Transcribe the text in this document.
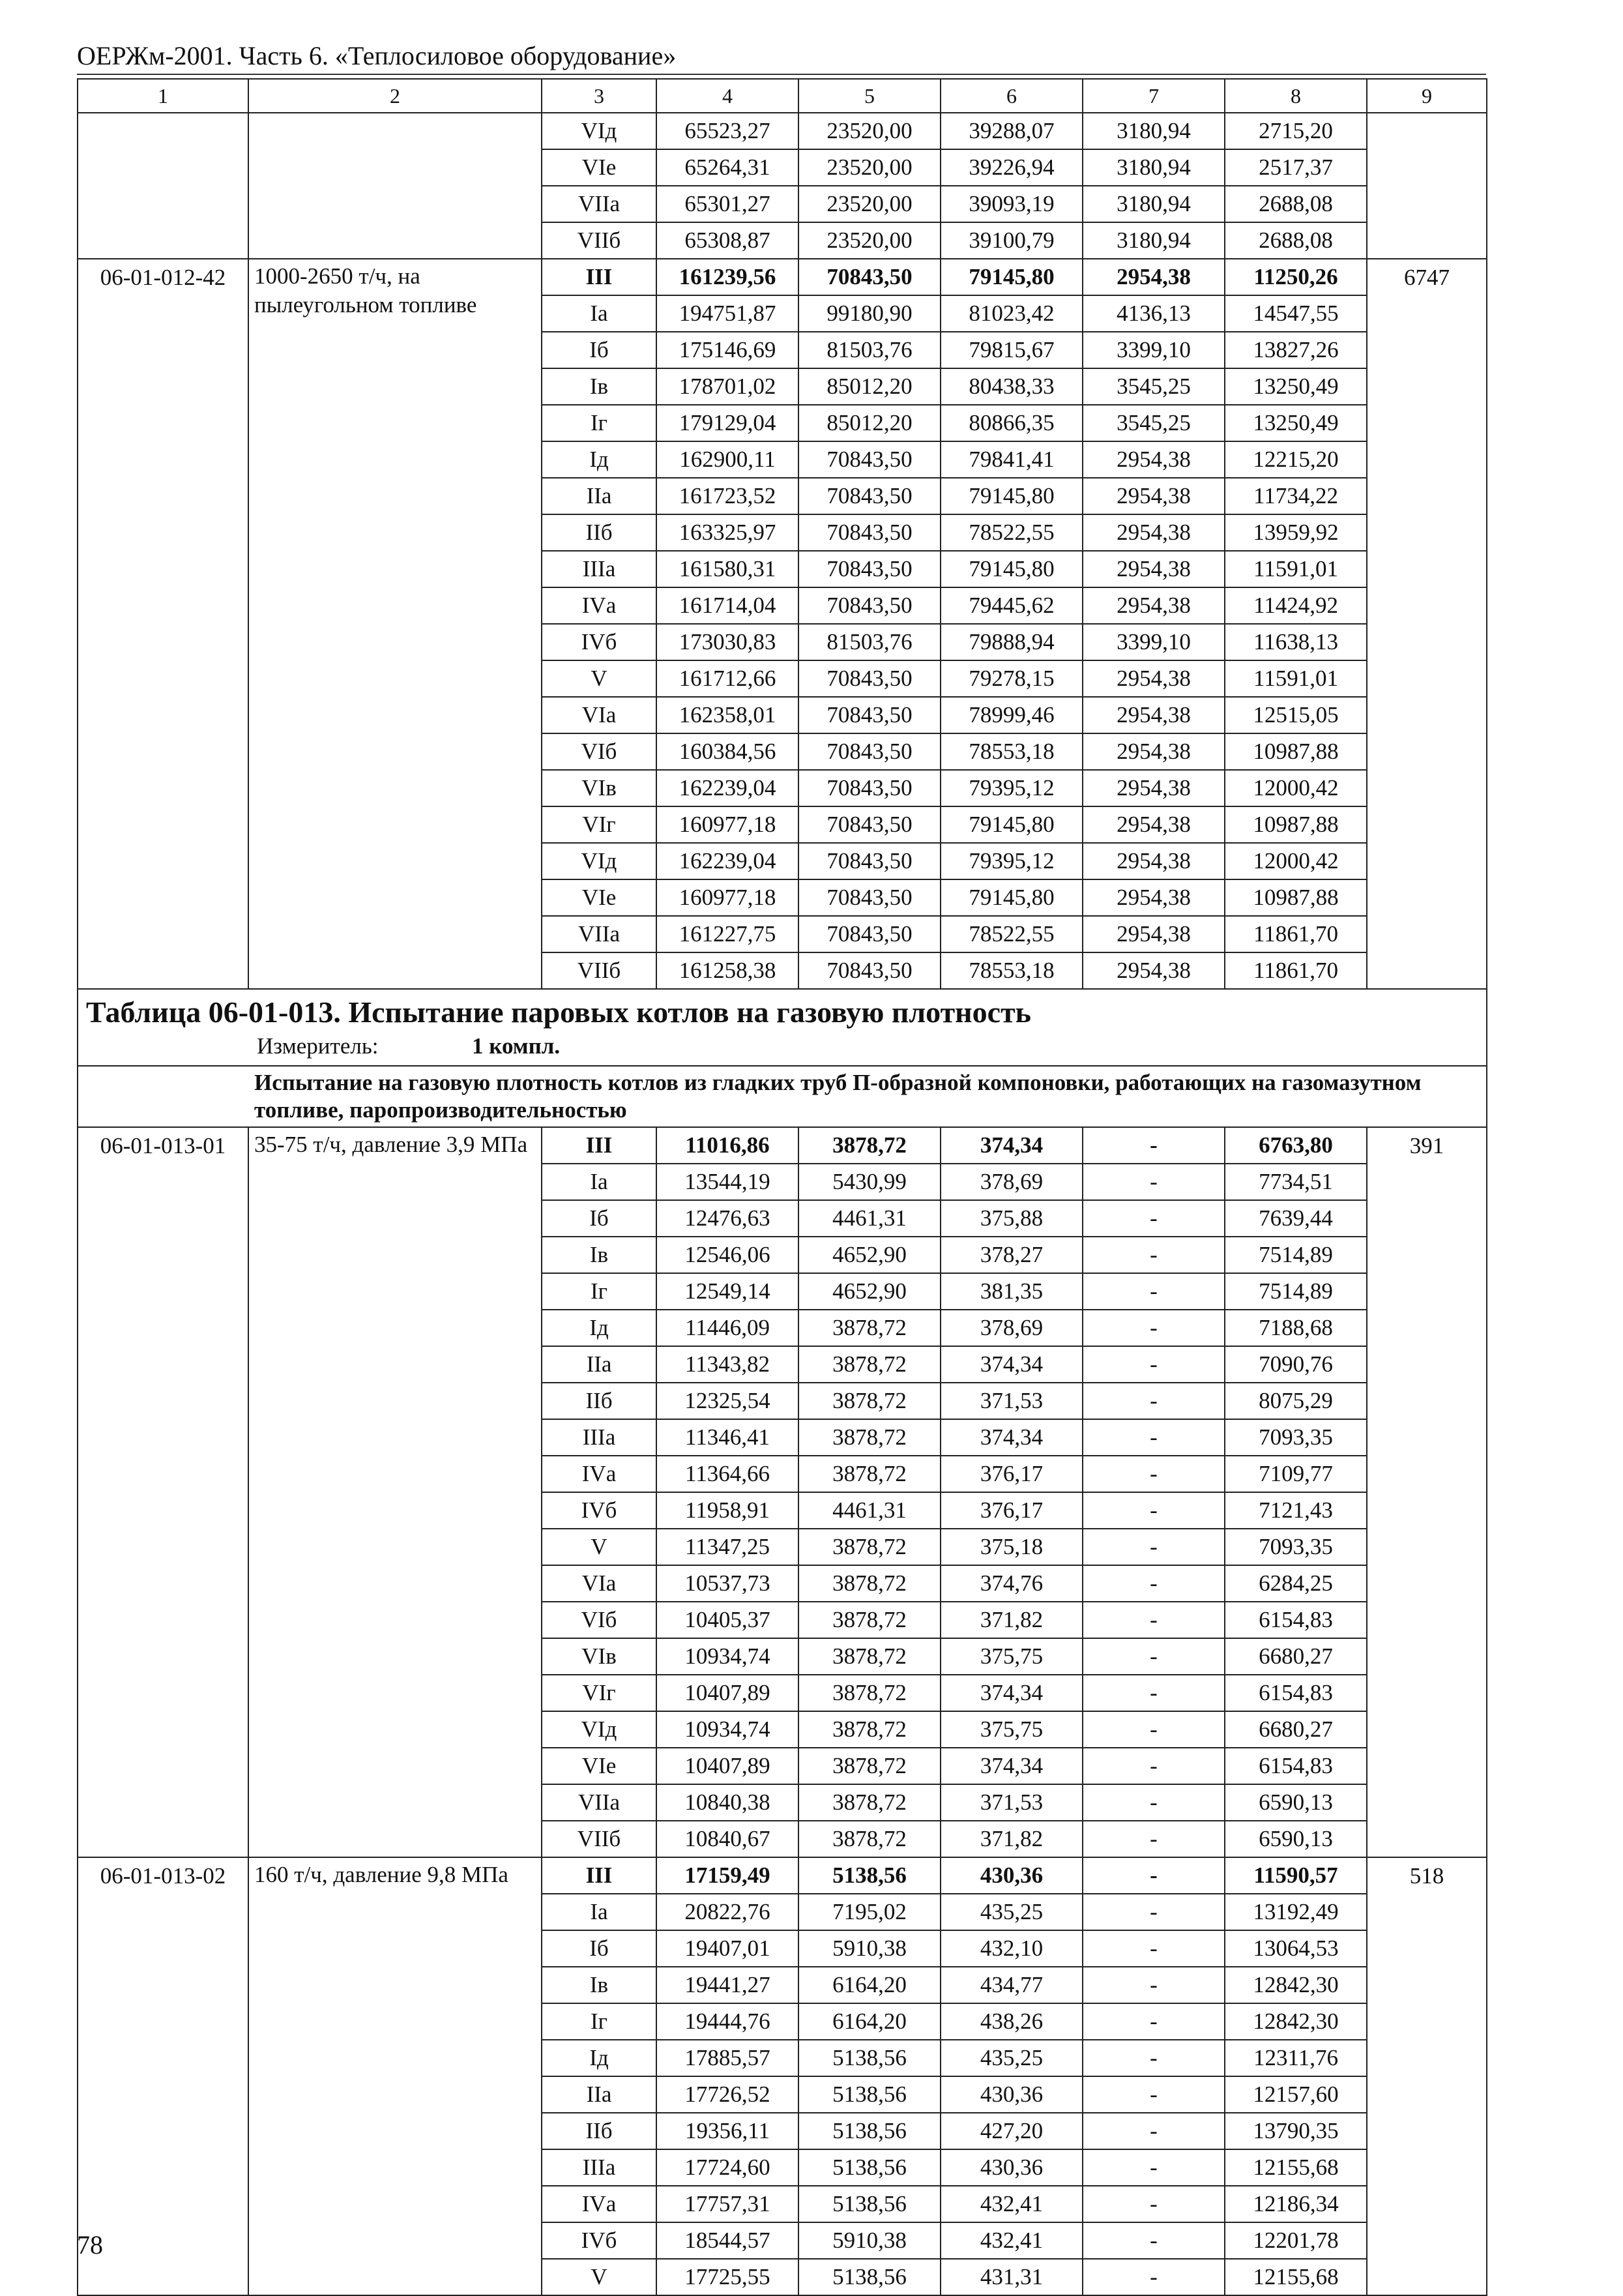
ОЕРЖм-2001. Часть 6. «Теплосиловое оборудование»
1	2	3	4	5	6	7	8	9
		VIд	65523,27	23520,00	39288,07	3180,94	2715,20	
		VIе	65264,31	23520,00	39226,94	3180,94	2517,37	
		VIIа	65301,27	23520,00	39093,19	3180,94	2688,08	
		VIIб	65308,87	23520,00	39100,79	3180,94	2688,08	
06-01-012-42	1000-2650 т/ч, на пылеугольном топливе	III	161239,56	70843,50	79145,80	2954,38	11250,26	6747
		Iа	194751,87	99180,90	81023,42	4136,13	14547,55	
		Iб	175146,69	81503,76	79815,67	3399,10	13827,26	
		Iв	178701,02	85012,20	80438,33	3545,25	13250,49	
		Iг	179129,04	85012,20	80866,35	3545,25	13250,49	
		Iд	162900,11	70843,50	79841,41	2954,38	12215,20	
		IIа	161723,52	70843,50	79145,80	2954,38	11734,22	
		IIб	163325,97	70843,50	78522,55	2954,38	13959,92	
		IIIа	161580,31	70843,50	79145,80	2954,38	11591,01	
		IVа	161714,04	70843,50	79445,62	2954,38	11424,92	
		IVб	173030,83	81503,76	79888,94	3399,10	11638,13	
		V	161712,66	70843,50	79278,15	2954,38	11591,01	
		VIа	162358,01	70843,50	78999,46	2954,38	12515,05	
		VIб	160384,56	70843,50	78553,18	2954,38	10987,88	
		VIв	162239,04	70843,50	79395,12	2954,38	12000,42	
		VIг	160977,18	70843,50	79145,80	2954,38	10987,88	
		VIд	162239,04	70843,50	79395,12	2954,38	12000,42	
		VIе	160977,18	70843,50	79145,80	2954,38	10987,88	
		VIIа	161227,75	70843,50	78522,55	2954,38	11861,70	
		VIIб	161258,38	70843,50	78553,18	2954,38	11861,70	

Таблица 06-01-013. Испытание паровых котлов на газовую плотность
Измеритель: 1 компл.								

Испытание на газовую плотность котлов из гладких труб П-образной компоновки, работающих на газомазутном топливе, паропроизводительностью								
06-01-013-01	35-75 т/ч, давление 3,9 МПа	III	11016,86	3878,72	374,34	-	6763,80	391
		Iа	13544,19	5430,99	378,69	-	7734,51	
		Iб	12476,63	4461,31	375,88	-	7639,44	
		Iв	12546,06	4652,90	378,27	-	7514,89	
		Iг	12549,14	4652,90	381,35	-	7514,89	
		Iд	11446,09	3878,72	378,69	-	7188,68	
		IIа	11343,82	3878,72	374,34	-	7090,76	
		IIб	12325,54	3878,72	371,53	-	8075,29	
		IIIа	11346,41	3878,72	374,34	-	7093,35	
		IVа	11364,66	3878,72	376,17	-	7109,77	
		IVб	11958,91	4461,31	376,17	-	7121,43	
		V	11347,25	3878,72	375,18	-	7093,35	
		VIа	10537,73	3878,72	374,76	-	6284,25	
		VIб	10405,37	3878,72	371,82	-	6154,83	
		VIв	10934,74	3878,72	375,75	-	6680,27	
		VIг	10407,89	3878,72	374,34	-	6154,83	
		VIд	10934,74	3878,72	375,75	-	6680,27	
		VIе	10407,89	3878,72	374,34	-	6154,83	
		VIIа	10840,38	3878,72	371,53	-	6590,13	
		VIIб	10840,67	3878,72	371,82	-	6590,13	
06-01-013-02	160 т/ч, давление 9,8 МПа	III	17159,49	5138,56	430,36	-	11590,57	518
		Iа	20822,76	7195,02	435,25	-	13192,49	
		Iб	19407,01	5910,38	432,10	-	13064,53	
		Iв	19441,27	6164,20	434,77	-	12842,30	
		Iг	19444,76	6164,20	438,26	-	12842,30	
		Iд	17885,57	5138,56	435,25	-	12311,76	
		IIа	17726,52	5138,56	430,36	-	12157,60	
		IIб	19356,11	5138,56	427,20	-	13790,35	
		IIIа	17724,60	5138,56	430,36	-	12155,68	
		IVа	17757,31	5138,56	432,41	-	12186,34	
		IVб	18544,57	5910,38	432,41	-	12201,78	
		V	17725,55	5138,56	431,31	-	12155,68	
78
